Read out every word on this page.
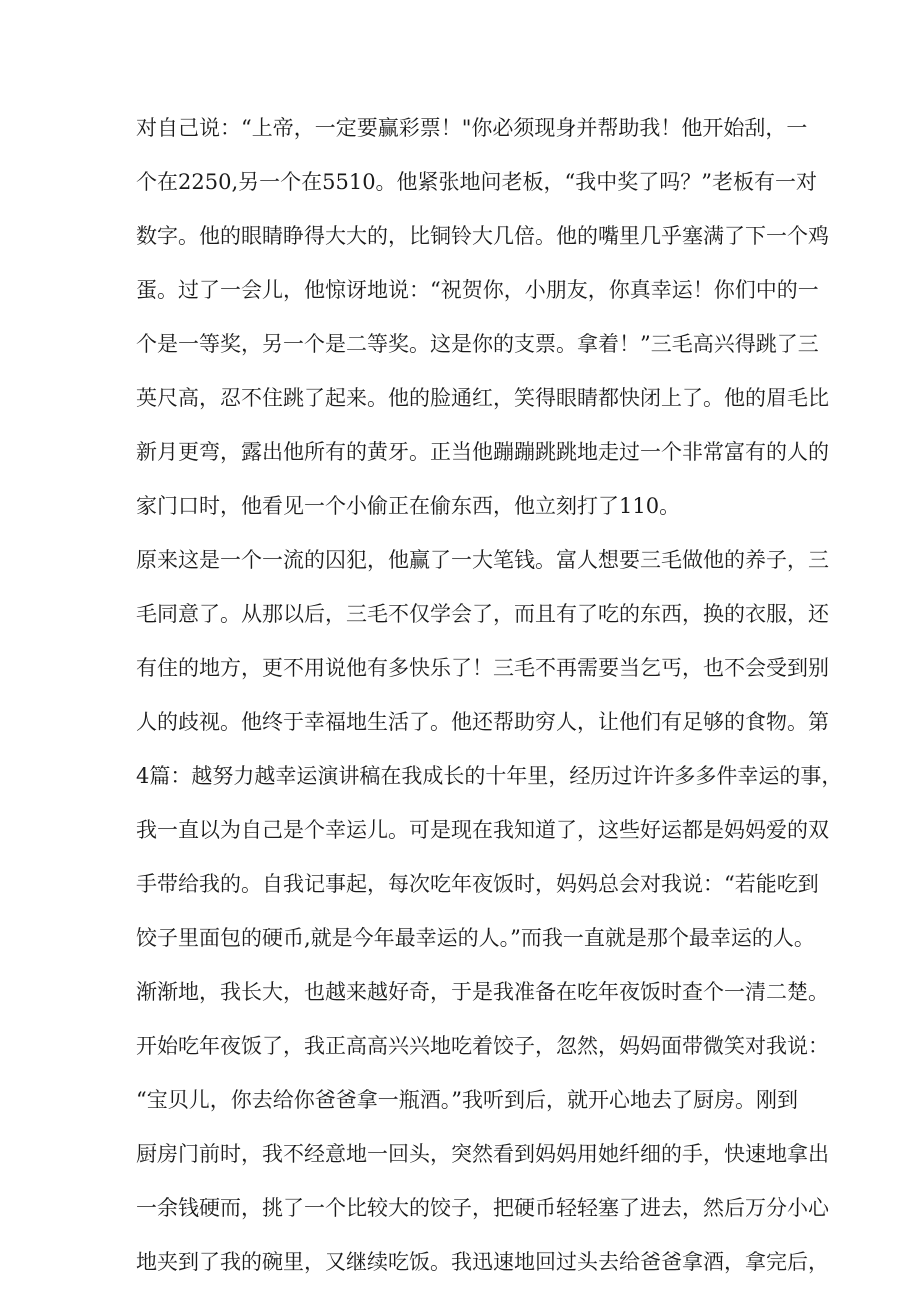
对自己说：“上帝，一定要赢彩票！"你必须现身并帮助我！他开始刮，一
个在2250,另一个在5510。他紧张地问老板，“我中奖了吗？”老板有一对
数字。他的眼睛睁得大大的，比铜铃大几倍。他的嘴里几乎塞满了下一个鸡
蛋。过了一会儿，他惊讶地说：“祝贺你，小朋友，你真幸运！你们中的一
个是一等奖，另一个是二等奖。这是你的支票。拿着！”三毛高兴得跳了三
英尺高，忍不住跳了起来。他的脸通红，笑得眼睛都快闭上了。他的眉毛比
新月更弯，露出他所有的黄牙。正当他蹦蹦跳跳地走过一个非常富有的人的
家门口时，他看见一个小偷正在偷东西，他立刻打了110。
原来这是一个一流的囚犯，他赢了一大笔钱。富人想要三毛做他的养子，三
毛同意了。从那以后，三毛不仅学会了，而且有了吃的东西，换的衣服，还
有住的地方，更不用说他有多快乐了！三毛不再需要当乞丐，也不会受到别
人的歧视。他终于幸福地生活了。他还帮助穷人，让他们有足够的食物。第
4篇：越努力越幸运演讲稿在我成长的十年里，经历过许许多多件幸运的事，
我一直以为自己是个幸运儿。可是现在我知道了，这些好运都是妈妈爱的双
手带给我的。自我记事起，每次吃年夜饭时，妈妈总会对我说：“若能吃到
饺子里面包的硬币,就是今年最幸运的人。”而我一直就是那个最幸运的人。
渐渐地，我长大，也越来越好奇，于是我准备在吃年夜饭时查个一清二楚。
开始吃年夜饭了，我正高高兴兴地吃着饺子，忽然，妈妈面带微笑对我说：
“宝贝儿，你去给你爸爸拿一瓶酒。”我听到后，就开心地去了厨房。刚到
厨房门前时，我不经意地一回头，突然看到妈妈用她纤细的手，快速地拿出
一余钱硬而，挑了一个比较大的饺子，把硬币轻轻塞了进去，然后万分小心
地夹到了我的碗里，又继续吃饭。我迅速地回过头去给爸爸拿酒，拿完后，
